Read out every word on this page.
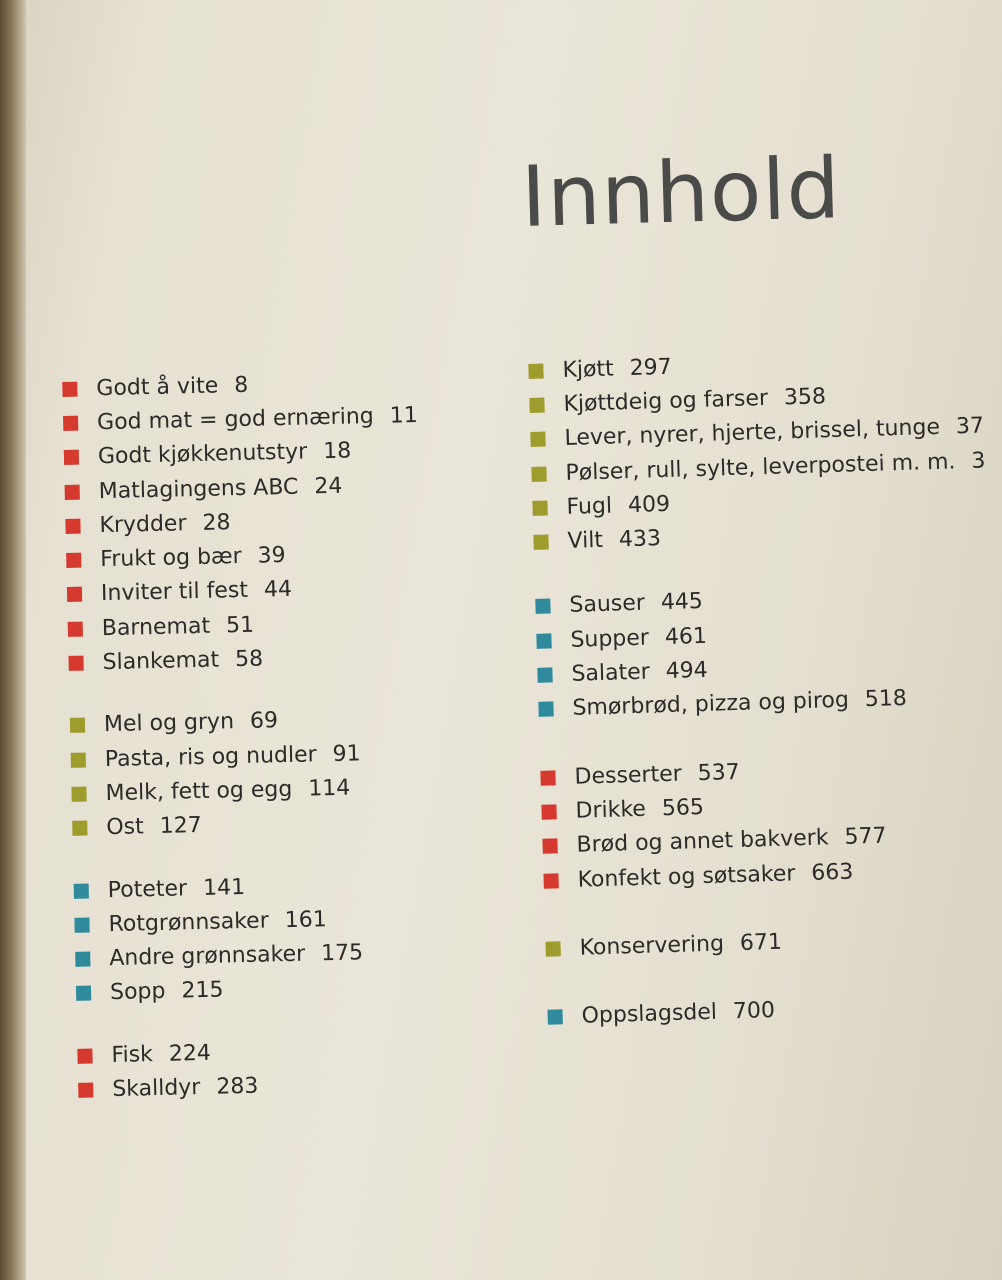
Innhold
Godt å vite 8
God mat = god ernæring 11
Godt kjøkkenutstyr 18
Matlagingens ABC 24
Krydder 28
Frukt og bær 39
Inviter til fest 44
Barnemat 51
Slankemat 58
Mel og gryn 69
Pasta, ris og nudler 91
Melk, fett og egg 114
Ost 127
Poteter 141
Rotgrønnsaker 161
Andre grønnsaker 175
Sopp 215
Fisk 224
Skalldyr 283
Kjøtt 297
Kjøttdeig og farser 358
Lever, nyrer, hjerte, brissel, tunge 37
Pølser, rull, sylte, leverpostei m. m. 3
Fugl 409
Vilt 433
Sauser 445
Supper 461
Salater 494
Smørbrød, pizza og pirog 518
Desserter 537
Drikke 565
Brød og annet bakverk 577
Konfekt og søtsaker 663
Konservering 671
Oppslagsdel 700
